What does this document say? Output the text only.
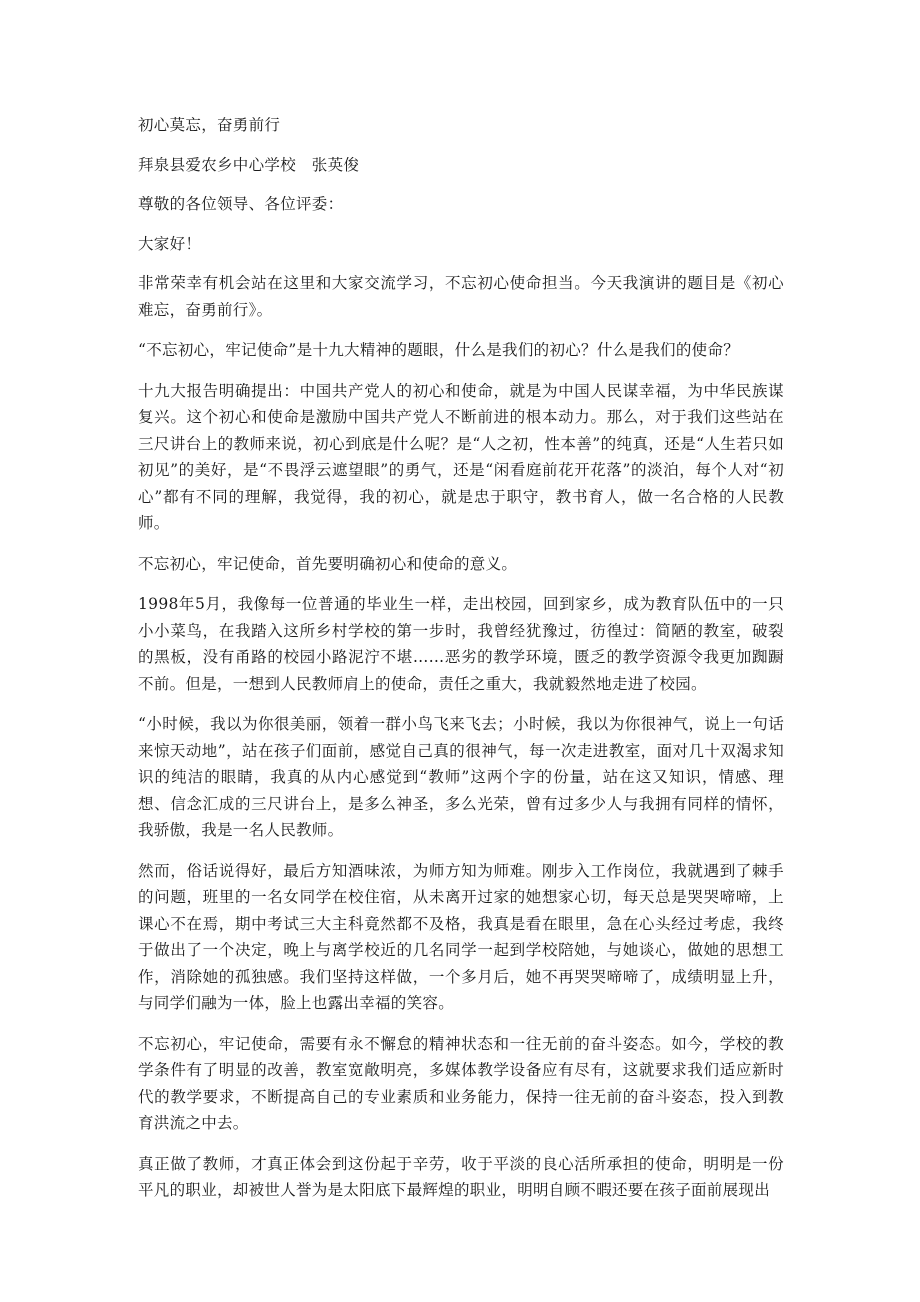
初心莫忘，奋勇前行

拜泉县爱农乡中心学校　张英俊

尊敬的各位领导、各位评委：

大家好！

非常荣幸有机会站在这里和大家交流学习，不忘初心使命担当。今天我演讲的题目是《初心难忘，奋勇前行》。

“不忘初心，牢记使命”是十九大精神的题眼，什么是我们的初心？什么是我们的使命？

十九大报告明确提出：中国共产党人的初心和使命，就是为中国人民谋幸福，为中华民族谋复兴。这个初心和使命是激励中国共产党人不断前进的根本动力。那么，对于我们这些站在三尺讲台上的教师来说，初心到底是什么呢？是“人之初，性本善”的纯真，还是“人生若只如初见”的美好，是“不畏浮云遮望眼”的勇气，还是“闲看庭前花开花落”的淡泊，每个人对“初心”都有不同的理解，我觉得，我的初心，就是忠于职守，教书育人，做一名合格的人民教师。

不忘初心，牢记使命，首先要明确初心和使命的意义。

1998年5月，我像每一位普通的毕业生一样，走出校园，回到家乡，成为教育队伍中的一只小小菜鸟，在我踏入这所乡村学校的第一步时，我曾经犹豫过，彷徨过：简陋的教室，破裂的黑板，没有甬路的校园小路泥泞不堪……恶劣的教学环境，匮乏的教学资源令我更加踟蹰不前。但是，一想到人民教师肩上的使命，责任之重大，我就毅然地走进了校园。

“小时候，我以为你很美丽，领着一群小鸟飞来飞去；小时候，我以为你很神气，说上一句话来惊天动地”，站在孩子们面前，感觉自己真的很神气，每一次走进教室，面对几十双渴求知识的纯洁的眼睛，我真的从内心感觉到“教师”这两个字的份量，站在这又知识，情感、理想、信念汇成的三尺讲台上，是多么神圣，多么光荣，曾有过多少人与我拥有同样的情怀，我骄傲，我是一名人民教师。

然而，俗话说得好，最后方知酒味浓，为师方知为师难。刚步入工作岗位，我就遇到了棘手的问题，班里的一名女同学在校住宿，从未离开过家的她想家心切，每天总是哭哭啼啼，上课心不在焉，期中考试三大主科竟然都不及格，我真是看在眼里，急在心头经过考虑，我终于做出了一个决定，晚上与离学校近的几名同学一起到学校陪她，与她谈心，做她的思想工作，消除她的孤独感。我们坚持这样做，一个多月后，她不再哭哭啼啼了，成绩明显上升，与同学们融为一体，脸上也露出幸福的笑容。

不忘初心，牢记使命，需要有永不懈怠的精神状态和一往无前的奋斗姿态。如今，学校的教学条件有了明显的改善，教室宽敞明亮，多媒体教学设备应有尽有，这就要求我们适应新时代的教学要求，不断提高自己的专业素质和业务能力，保持一往无前的奋斗姿态，投入到教育洪流之中去。

真正做了教师，才真正体会到这份起于辛劳，收于平淡的良心活所承担的使命，明明是一份平凡的职业，却被世人誉为是太阳底下最辉煌的职业，明明自顾不暇还要在孩子面前展现出
